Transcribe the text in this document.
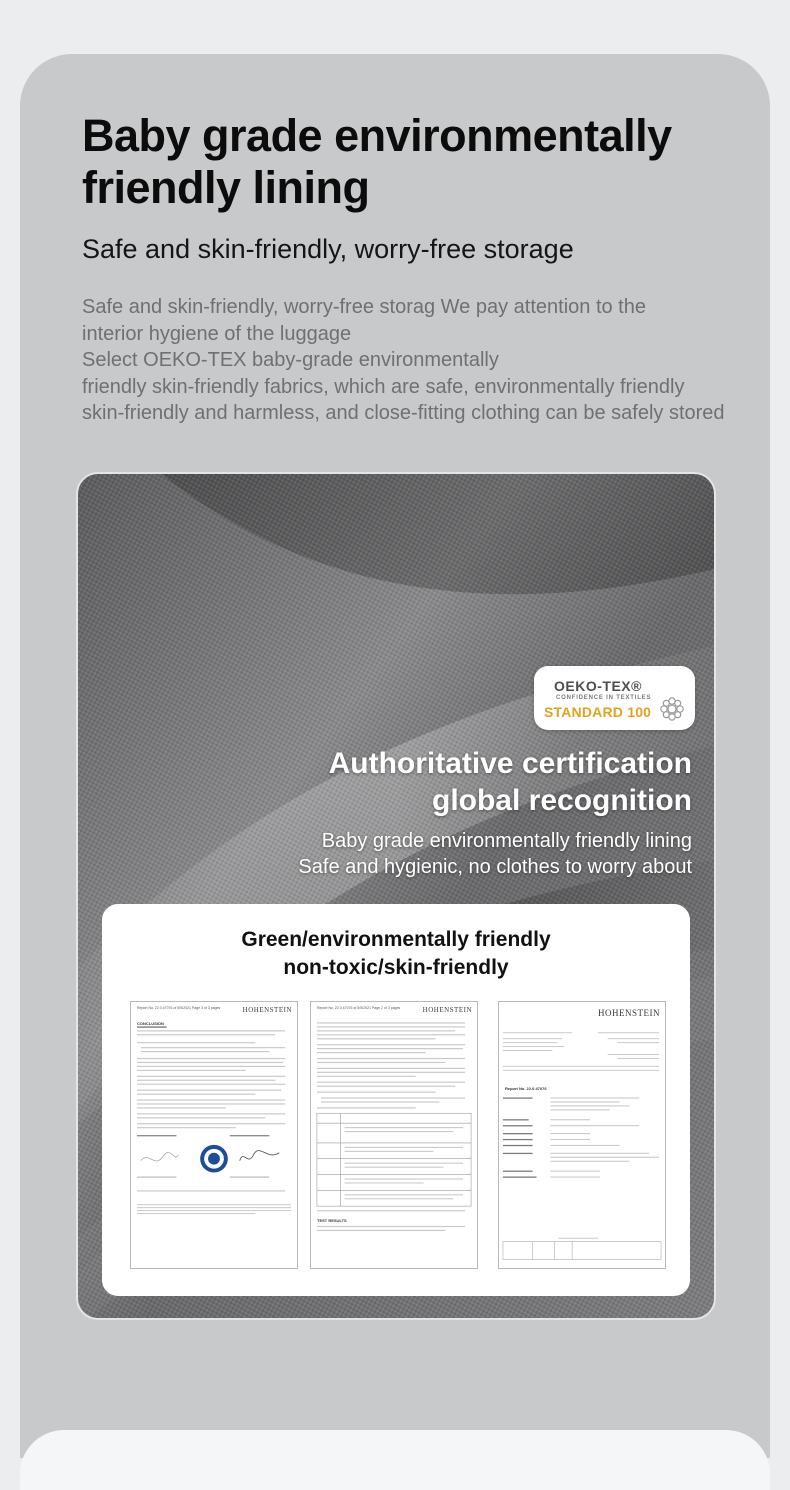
Baby grade environmentally friendly lining
Safe and skin-friendly, worry-free storage
Safe and skin-friendly, worry-free storag We pay attention to the
interior hygiene of the luggage
Select OEKO-TEX baby-grade environmentally
friendly skin-friendly fabrics, which are safe, environmentally friendly
skin-friendly and harmless, and close-fitting clothing can be safely stored
OEKO-TEX®
CONFIDENCE IN TEXTILES
STANDARD 100
Authoritative certification
global recognition
Baby grade environmentally friendly lining
Safe and hygienic, no clothes to worry about
Green/environmentally friendly
non-toxic/skin-friendly
Report No. 22.0.47076 of 5/5/2021 Page 3 of 3 pages	HOHENSTEIN
CONCLUSION
Report No. 22.0.47076 of 5/5/2021 Page 2 of 3 pages	HOHENSTEIN
TEST RESULTS
HOHENSTEIN
Report No. 22.0.47076
